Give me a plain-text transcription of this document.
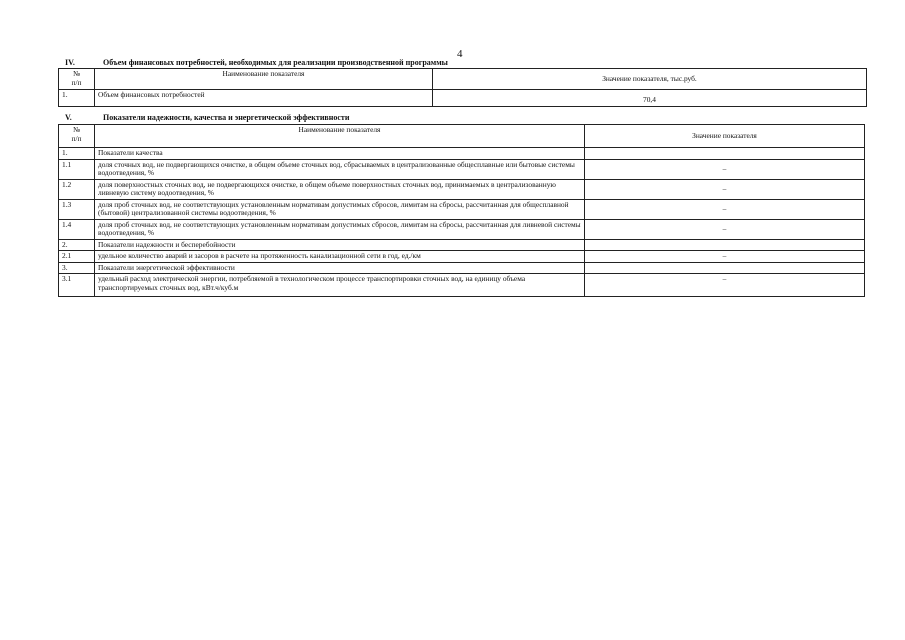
4
IV.	Объем финансовых потребностей, необходимых для реализации производственной программы
№
п/п	Наименование показателя	Значение показателя, тыс.руб.
1.	Объем финансовых потребностей	70,4
V.	Показатели надежности, качества и энергетической эффективности
№
п/п	Наименование показателя	Значение показателя
1.	Показатели качества	
1.1	доля сточных вод, не подвергающихся очистке, в общем объеме сточных вод, сбрасываемых в централизованные общесплавные или бытовые системы водоотведения, %	–
1.2	доля поверхностных сточных вод, не подвергающихся очистке, в общем объеме поверхностных сточных вод, принимаемых в централизованную ливневую систему водоотведения, %	–
1.3	доля проб сточных вод, не соответствующих установленным нормативам допустимых сбросов, лимитам на сбросы, рассчитанная для общесплавной (бытовой) централизованной системы водоотведения, %	–
1.4	доля проб сточных вод, не соответствующих установленным нормативам допустимых сбросов, лимитам на сбросы, рассчитанная для ливневой системы водоотведения, %	–
2.	Показатели надежности и бесперебойности	
2.1	удельное количество аварий и засоров в расчете на протяженность канализационной сети в год, ед./км	–
3.	Показатели энергетической эффективности	
3.1	удельный расход электрической энергии, потребляемой в технологическом процессе транспортировки сточных вод, на единицу объема транспортируемых сточных вод, кВт.ч/куб.м	–
